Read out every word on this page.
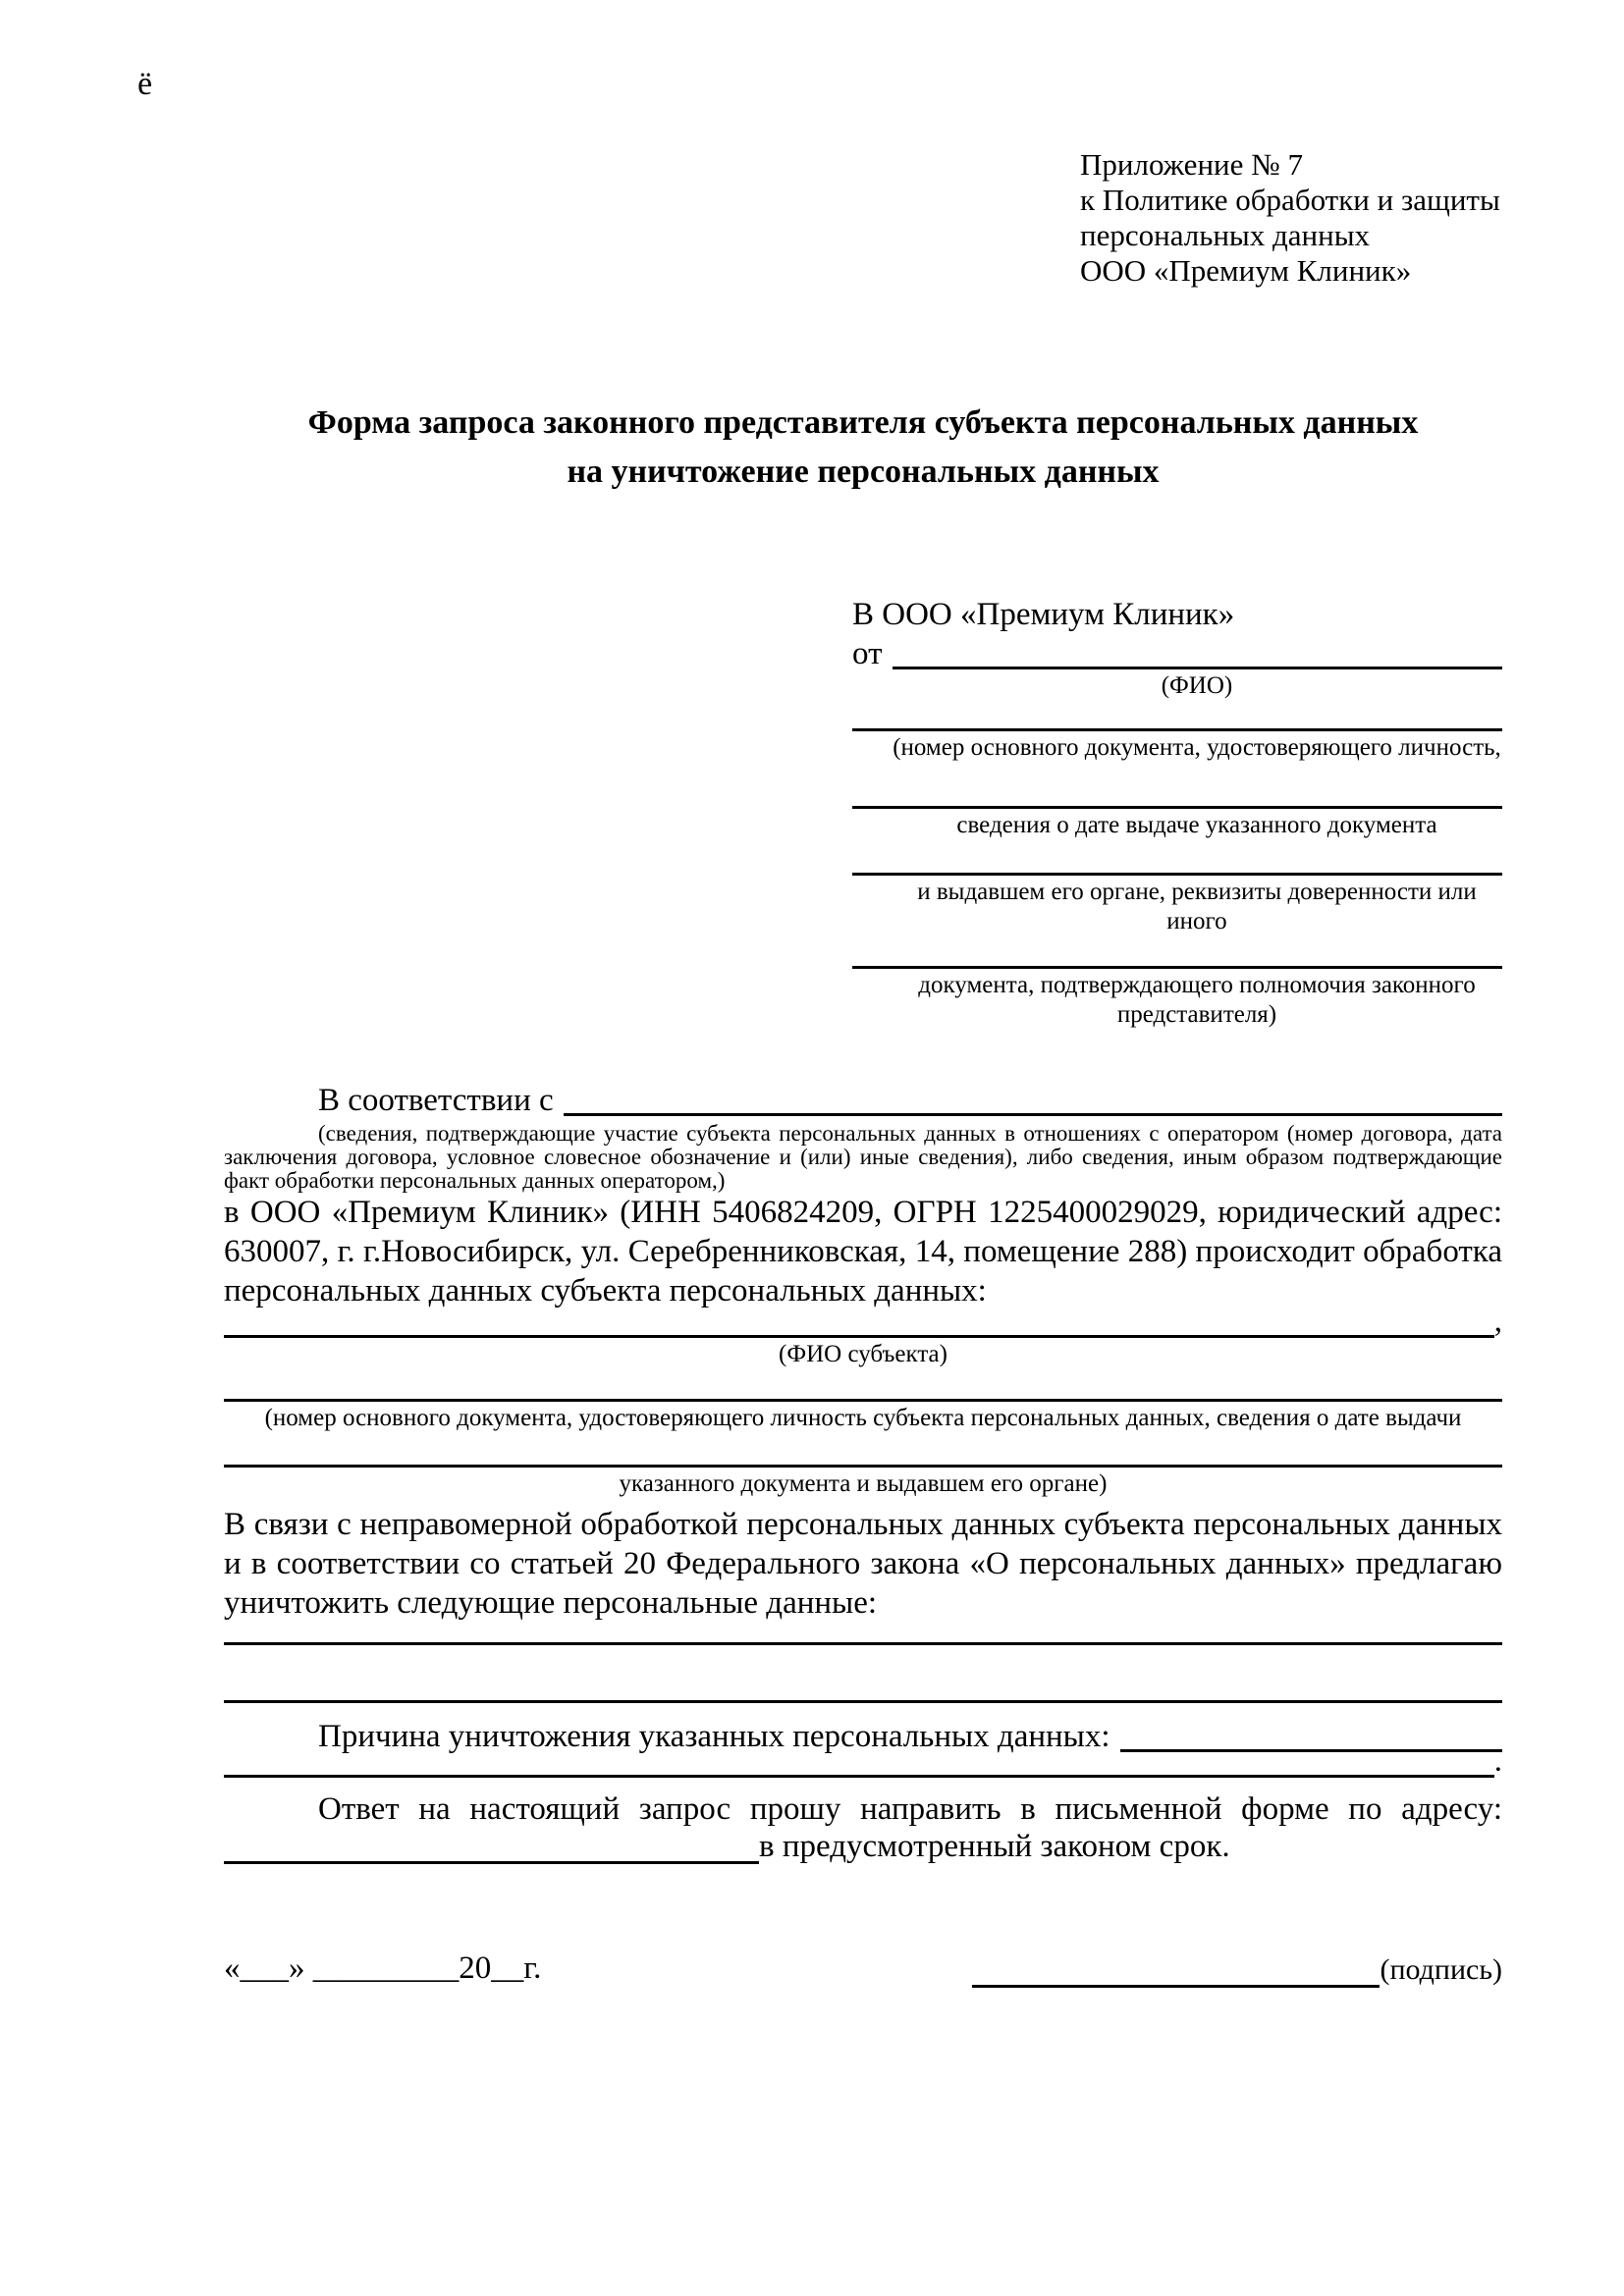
ё
Приложение № 7
к Политике обработки и защиты
персональных данных
ООО «Премиум Клиник»
Форма запроса законного представителя субъекта персональных данных
на уничтожение персональных данных
В ООО «Премиум Клиник»
от
(ФИО)
(номер основного документа, удостоверяющего личность,
сведения о дате выдаче указанного документа
и выдавшем его органе, реквизиты доверенности или иного
документа, подтверждающего полномочия законного представителя)
В соответствии с
(сведения, подтверждающие участие субъекта персональных данных в отношениях с оператором (номер договора, дата заключения договора, условное словесное обозначение и (или) иные сведения), либо сведения, иным образом подтверждающие факт обработки персональных данных оператором,)

в ООО «Премиум Клиник» (ИНН 5406824209, ОГРН 1225400029029, юридический адрес: 630007, г. г.Новосибирск, ул. Серебренниковская, 14, помещение 288) происходит обработка персональных данных субъекта персональных данных:

,
(ФИО субъекта)
(номер основного документа, удостоверяющего личность субъекта персональных данных, сведения о дате выдачи
указанного документа и выдавшем его органе)

В связи с неправомерной обработкой персональных данных субъекта персональных данных и в соответствии со статьей 20 Федерального закона «О персональных данных» предлагаю уничтожить следующие персональные данные:

Причина уничтожения указанных персональных данных:
.

Ответ на настоящий запрос прошу направить в письменной форме по адресу:

в предусмотренный законом срок.
«___» _________20__г.	(подпись)
